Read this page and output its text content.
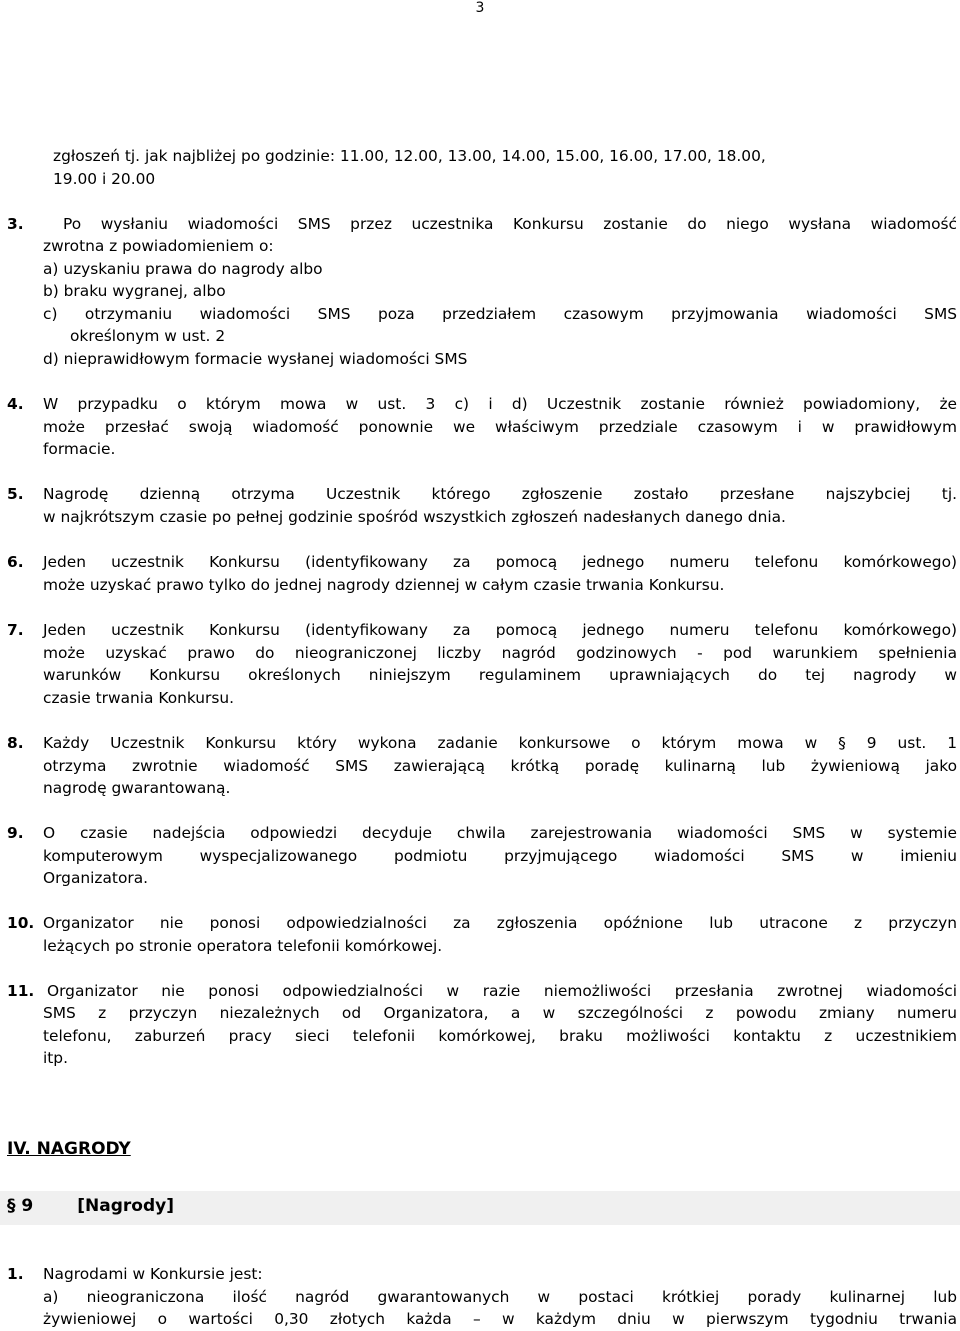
3
zgłoszeń tj. jak najbliżej po godzinie: 11.00, 12.00, 13.00, 14.00, 15.00, 16.00, 17.00, 18.00,
19.00 i 20.00
3.	Po wysłaniu wiadomości SMS przez uczestnika Konkursu zostanie do niego wysłana wiadomość
zwrotna z powiadomieniem o:
a) uzyskaniu prawa do nagrody albo
b) braku wygranej, albo
c) otrzymaniu wiadomości SMS poza przedziałem czasowym przyjmowania wiadomości SMS
określonym w ust. 2
d) nieprawidłowym formacie wysłanej wiadomości SMS
4. W przypadku o którym mowa w ust. 3 c) i d) Uczestnik zostanie również powiadomiony, że
może przesłać swoją wiadomość ponownie we właściwym przedziale czasowym i w prawidłowym
formacie.
5. Nagrodę dzienną otrzyma Uczestnik którego zgłoszenie zostało przesłane najszybciej tj.
w najkrótszym czasie po pełnej godzinie spośród wszystkich zgłoszeń nadesłanych danego dnia.
6. Jeden uczestnik Konkursu (identyfikowany za pomocą jednego numeru telefonu komórkowego)
może uzyskać prawo tylko do jednej nagrody dziennej w całym czasie trwania Konkursu.
7. Jeden uczestnik Konkursu (identyfikowany za pomocą jednego numeru telefonu komórkowego)
może uzyskać prawo do nieograniczonej liczby nagród godzinowych - pod warunkiem spełnienia
warunków Konkursu określonych niniejszym regulaminem uprawniających do tej nagrody w
czasie trwania Konkursu.
8. Każdy Uczestnik Konkursu który wykona zadanie konkursowe o którym mowa w § 9 ust. 1
otrzyma zwrotnie wiadomość SMS zawierającą krótką poradę kulinarną lub żywieniową jako
nagrodę gwarantowaną.
9. O czasie nadejścia odpowiedzi decyduje chwila zarejestrowania wiadomości SMS w systemie
komputerowym wyspecjalizowanego podmiotu przyjmującego wiadomości SMS w imieniu
Organizatora.
10. Organizator nie ponosi odpowiedzialności za zgłoszenia opóźnione lub utracone z przyczyn
leżących po stronie operatora telefonii komórkowej.
11. Organizator nie ponosi odpowiedzialności w razie niemożliwości przesłania zwrotnej wiadomości
SMS z przyczyn niezależnych od Organizatora, a w szczególności z powodu zmiany numeru
telefonu, zaburzeń pracy sieci telefonii komórkowej, braku możliwości kontaktu z uczestnikiem
itp.
IV. NAGRODY
§ 9	[Nagrody]
1. Nagrodami w Konkursie jest:
a) nieograniczona ilość nagród gwarantowanych w postaci krótkiej porady kulinarnej lub
żywieniowej o wartości 0,30 złotych każda – w każdym dniu w pierwszym tygodniu trwania
